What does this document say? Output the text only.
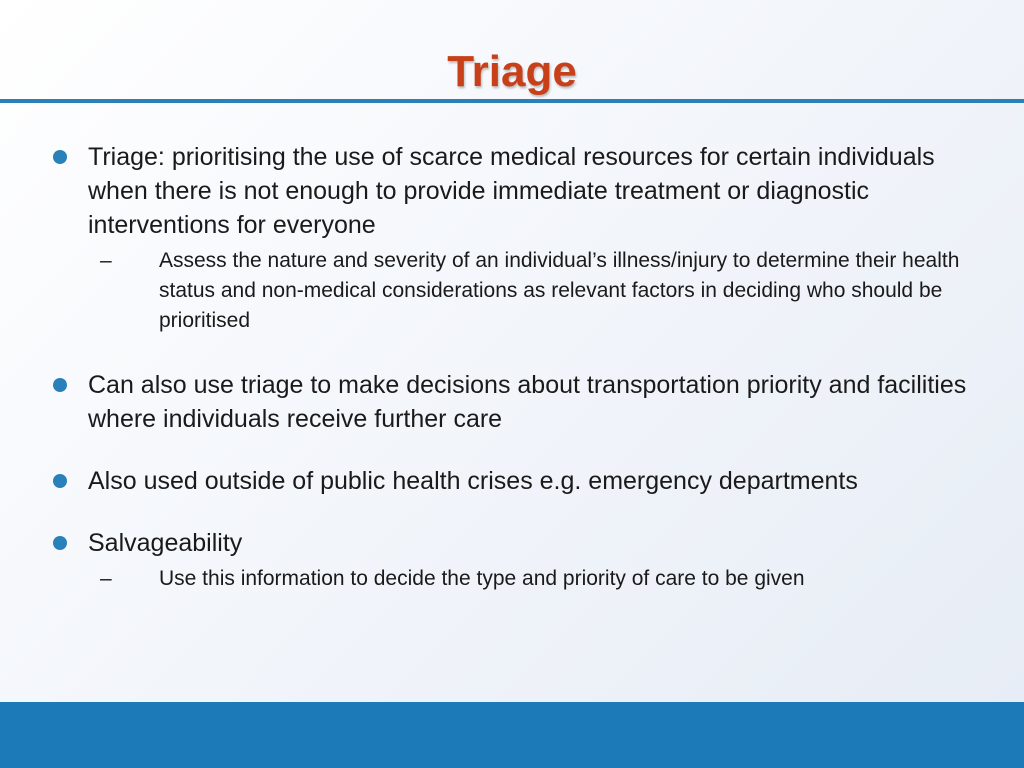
Triage
Triage: prioritising the use of scarce medical resources for certain individuals when there is not enough to provide immediate treatment or diagnostic interventions for everyone
– Assess the nature and severity of an individual’s illness/injury to determine their health status and non-medical considerations as relevant factors in deciding who should be prioritised
Can also use triage to make decisions about transportation priority and facilities where individuals receive further care
Also used outside of public health crises e.g. emergency departments
Salvageability
– Use this information to decide the type and priority of care to be given
